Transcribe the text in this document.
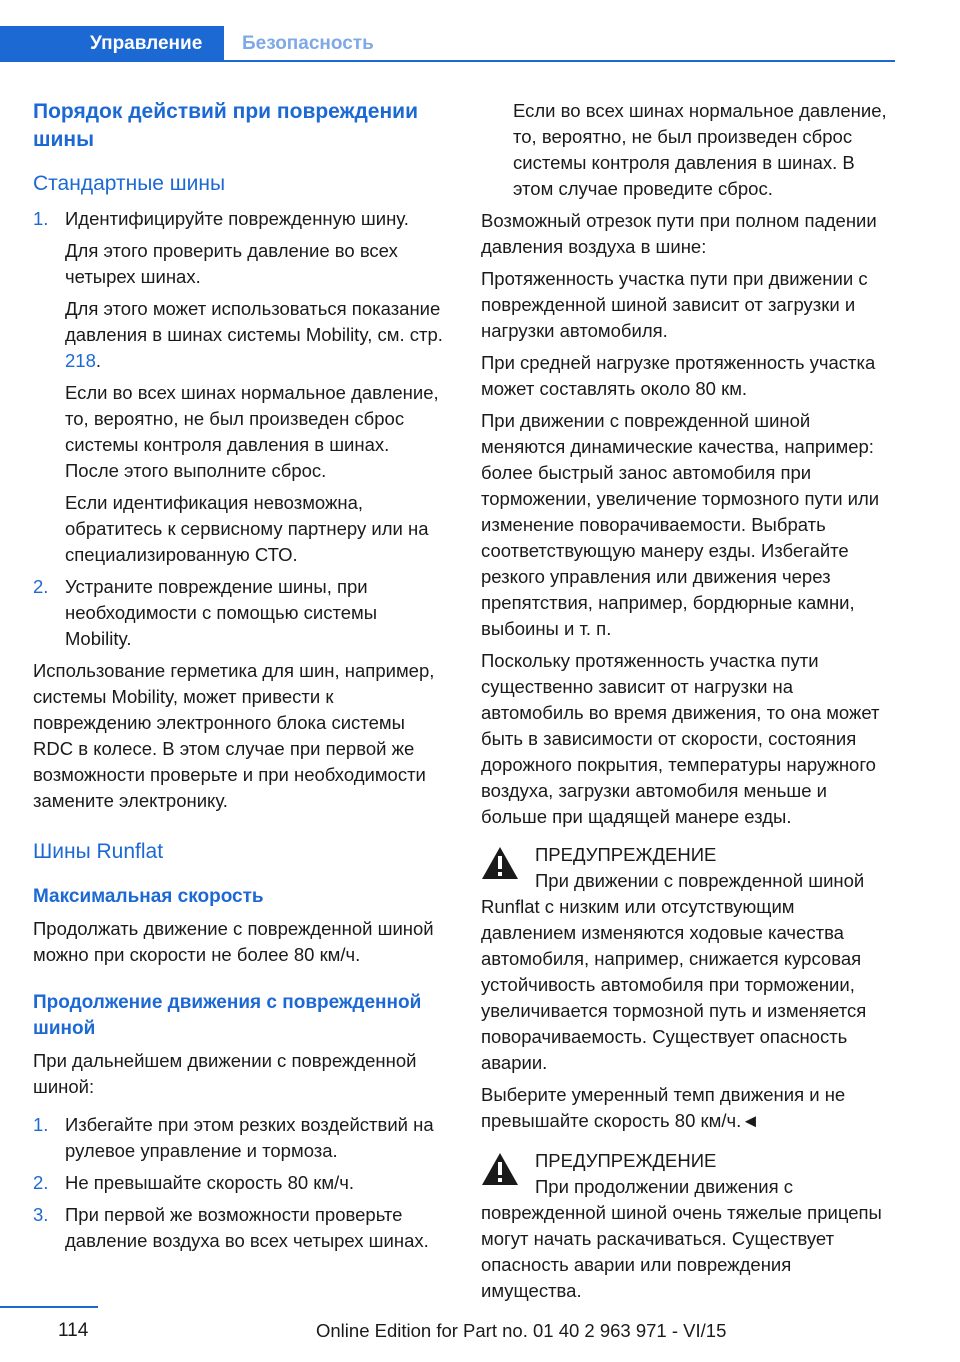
Управление	Безопасность
Порядок действий при повреждении шины
Стандартные шины
1. Идентифицируйте поврежденную шину.

Для этого проверить давление во всех четырех шинах.

Для этого может использоваться показание давления в шинах системы Mobility, см. стр. 218.

Если во всех шинах нормальное давление, то, вероятно, не был произведен сброс системы контроля давления в шинах. После этого выполните сброс.

Если идентификация невозможна, обратитесь к сервисному партнеру или на специализированную СТО.

2. Устраните повреждение шины, при необходимости с помощью системы Mobility.

Использование герметика для шин, например, системы Mobility, может привести к повреждению электронного блока системы RDC в колесе. В этом случае при первой же возможности проверьте и при необходимости замените электронику.

Шины Runflat
Максимальная скорость

Продолжать движение с поврежденной шиной можно при скорости не более 80 км/ч.

Продолжение движения с поврежденной шиной

При дальнейшем движении с поврежденной шиной:

1. Избегайте при этом резких воздействий на рулевое управление и тормоза.

2. Не превышайте скорость 80 км/ч.

3. При первой же возможности проверьте давление воздуха во всех четырех шинах.

Если во всех шинах нормальное давление, то, вероятно, не был произведен сброс системы контроля давления в шинах. В этом случае проведите сброс.

Возможный отрезок пути при полном падении давления воздуха в шине:

Протяженность участка пути при движении с поврежденной шиной зависит от загрузки и нагрузки автомобиля.

При средней нагрузке протяженность участка может составлять около 80 км.

При движении с поврежденной шиной меняются динамические качества, например: более быстрый занос автомобиля при торможении, увеличение тормозного пути или изменение поворачиваемости. Выбрать соответствующую манеру езды. Избегайте резкого управления или движения через препятствия, например, бордюрные камни, выбоины и т. п.

Поскольку протяженность участка пути существенно зависит от нагрузки на автомобиль во время движения, то она может быть в зависимости от скорости, состояния дорожного покрытия, температуры наружного воздуха, загрузки автомобиля меньше и больше при щадящей манере езды.

ПРЕДУПРЕЖДЕНИЕ

При движении с поврежденной шиной Runflat с низким или отсутствующим давлением изменяются ходовые качества автомобиля, например, снижается курсовая устойчивость автомобиля при торможении, увеличивается тормозной путь и изменяется поворачиваемость. Существует опасность аварии.

Выберите умеренный темп движения и не превышайте скорость 80 км/ч.◄

ПРЕДУПРЕЖДЕНИЕ

При продолжении движения с поврежденной шиной очень тяжелые прицепы могут начать раскачиваться. Существует опасность аварии или повреждения имущества.

114	Online Edition for Part no. 01 40 2 963 971 - VI/15
